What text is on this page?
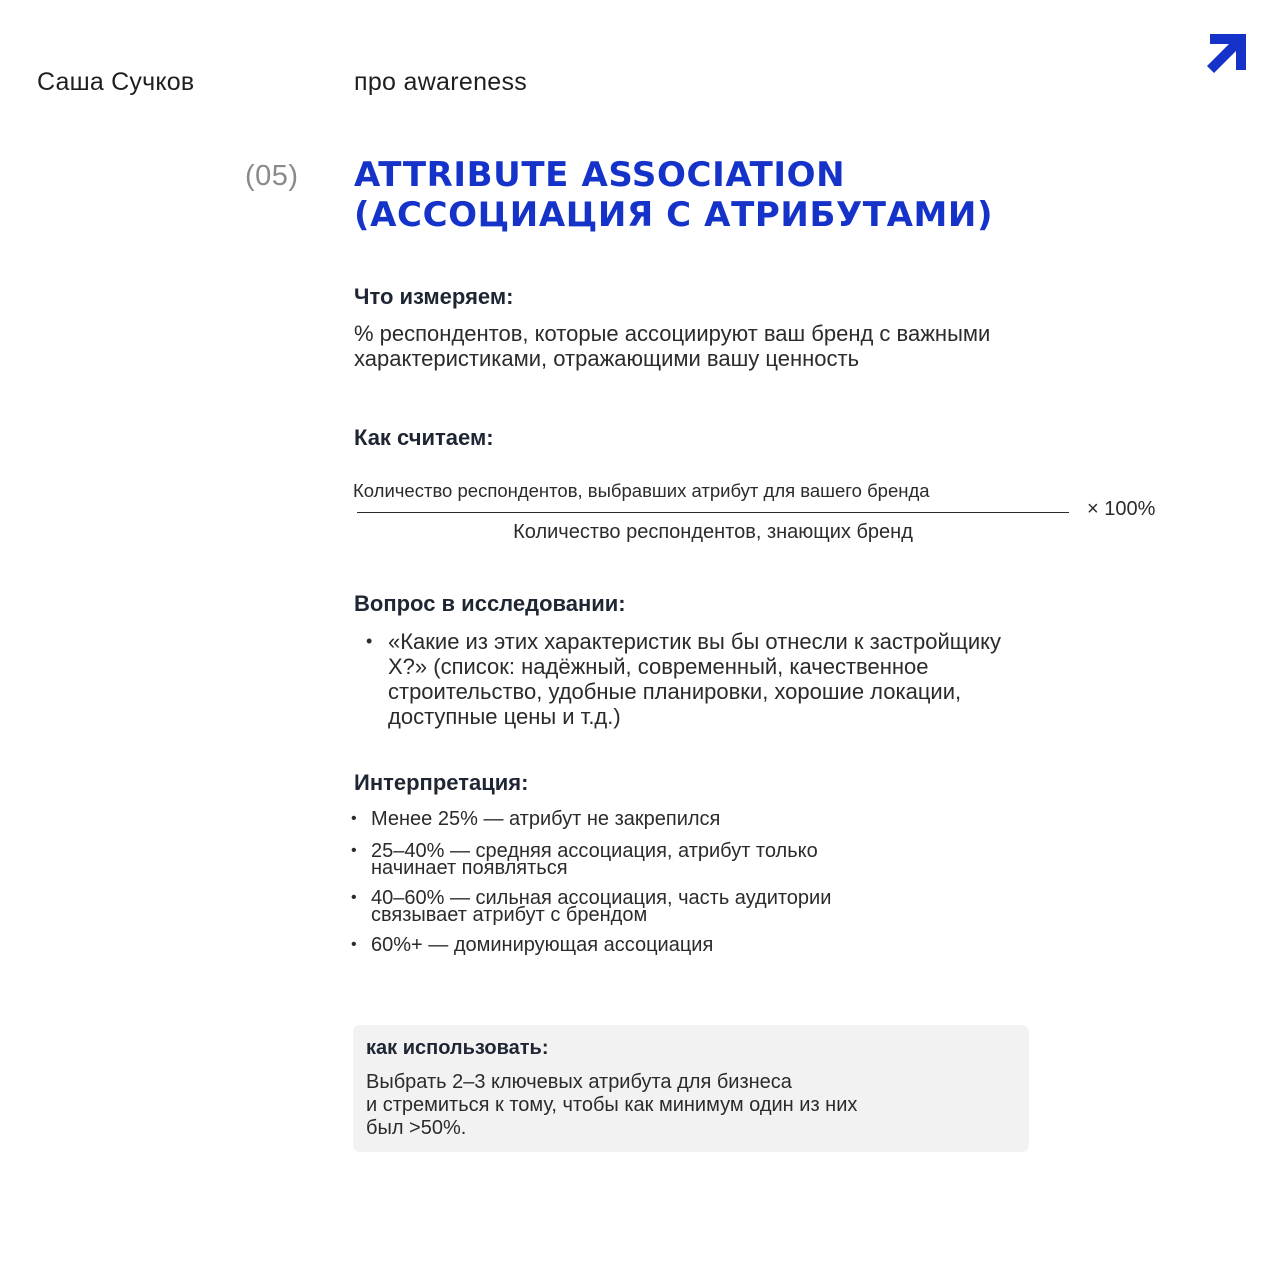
Саша Сучков	про awareness
(05) ATTRIBUTE ASSOCIATION
(АССОЦИАЦИЯ С АТРИБУТАМИ)
Что измеряем:
% респондентов, которые ассоциируют ваш бренд с важными характеристиками, отражающими вашу ценность
Как считаем:
Количество респондентов, выбравших атрибут для вашего бренда
Количество респондентов, знающих бренд
× 100%
Вопрос в исследовании:
• «Какие из этих характеристик вы бы отнесли к застройщику Х?» (список: надёжный, современный, качественное строительство, удобные планировки, хорошие локации, доступные цены и т.д.)
Интерпретация:
• Менее 25% — атрибут не закрепился
• 25–40% — средняя ассоциация, атрибут только
начинает появляться
• 40–60% — сильная ассоциация, часть аудитории
связывает атрибут с брендом
• 60%+ — доминирующая ассоциация
как использовать:
Выбрать 2–3 ключевых атрибута для бизнеса
и стремиться к тому, чтобы как минимум один из них
был >50%.
